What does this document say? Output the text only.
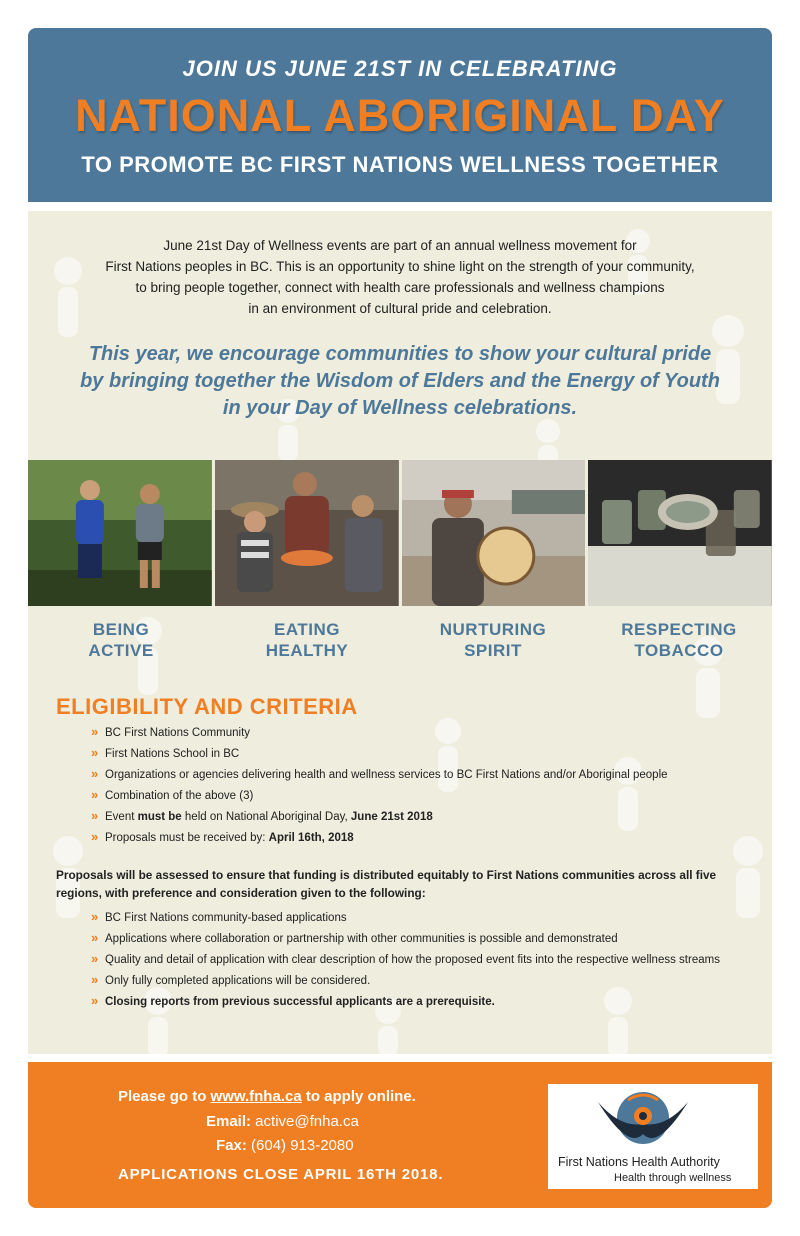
JOIN US JUNE 21ST IN CELEBRATING
NATIONAL ABORIGINAL DAY
TO PROMOTE BC FIRST NATIONS WELLNESS TOGETHER
June 21st Day of Wellness events are part of an annual wellness movement for
First Nations peoples in BC. This is an opportunity to shine light on the strength of your community,
to bring people together, connect with health care professionals and wellness champions
in an environment of cultural pride and celebration.
This year, we encourage communities to show your cultural pride
by bringing together the Wisdom of Elders and the Energy of Youth
in your Day of Wellness celebrations.
BEING
ACTIVE
EATING
HEALTHY
NURTURING
SPIRIT
RESPECTING
TOBACCO
ELIGIBILITY AND CRITERIA
» BC First Nations Community
» First Nations School in BC
» Organizations or agencies delivering health and wellness services to BC First Nations and/or Aboriginal people
» Combination of the above (3)
» Event must be held on National Aboriginal Day, June 21st 2018
» Proposals must be received by: April 16th, 2018
Proposals will be assessed to ensure that funding is distributed equitably to First Nations communities across all five regions, with preference and consideration given to the following:
» BC First Nations community-based applications
» Applications where collaboration or partnership with other communities is possible and demonstrated
» Quality and detail of application with clear description of how the proposed event fits into the respective wellness streams
» Only fully completed applications will be considered.
» Closing reports from previous successful applicants are a prerequisite.
Please go to www.fnha.ca to apply online.
Email: active@fnha.ca
Fax: (604) 913-2080
APPLICATIONS CLOSE APRIL 16TH 2018.
First Nations Health Authority
Health through wellness
